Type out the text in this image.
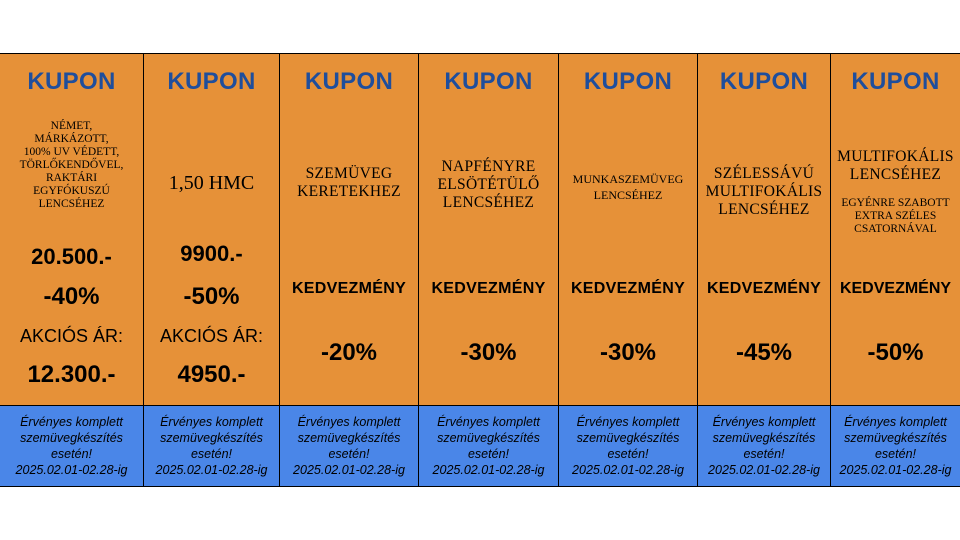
KUPON
NÉMET,
MÁRKÁZOTT,
100% UV VÉDETT,
TÖRLŐKENDŐVEL,
RAKTÁRI
EGYFÓKUSZÚ
LENCSÉHEZ
20.500.-
-40%
AKCIÓS ÁR:
12.300.-
Érvényes komplett
szemüvegkészítés
esetén!
2025.02.01-02.28-ig
KUPON
1,50 HMC
9900.-
-50%
AKCIÓS ÁR:
4950.-
Érvényes komplett
szemüvegkészítés
esetén!
2025.02.01-02.28-ig
KUPON
SZEMÜVEG
KERETEKHEZ
KEDVEZMÉNY
-20%
Érvényes komplett
szemüvegkészítés
esetén!
2025.02.01-02.28-ig
KUPON
NAPFÉNYRE
ELSÖTÉTÜLŐ
LENCSÉHEZ
KEDVEZMÉNY
-30%
Érvényes komplett
szemüvegkészítés
esetén!
2025.02.01-02.28-ig
KUPON
MUNKASZEMÜVEG
LENCSÉHEZ
KEDVEZMÉNY
-30%
Érvényes komplett
szemüvegkészítés
esetén!
2025.02.01-02.28-ig
KUPON
SZÉLESSÁVÚ
MULTIFOKÁLIS
LENCSÉHEZ
KEDVEZMÉNY
-45%
Érvényes komplett
szemüvegkészítés
esetén!
2025.02.01-02.28-ig
KUPON
MULTIFOKÁLIS
LENCSÉHEZ
EGYÉNRE SZABOTT
EXTRA SZÉLES
CSATORNÁVAL
KEDVEZMÉNY
-50%
Érvényes komplett
szemüvegkészítés
esetén!
2025.02.01-02.28-ig
